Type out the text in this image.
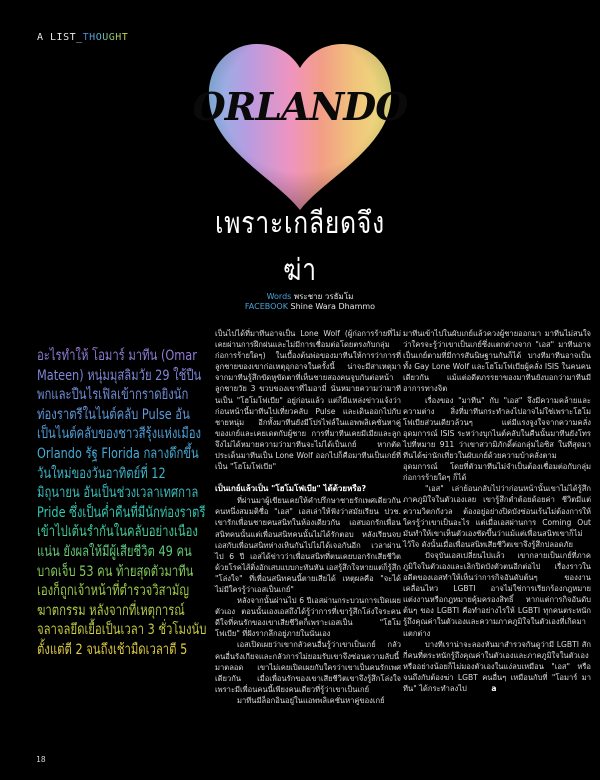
A LIST_THOUGHT
ORLANDO
เพราะเกลียดจึงฆ่า
Words พระชาย วรธัมโม
FACEBOOK Shine Wara Dhammo
อะไรทำให้ โอมาร์ มาทีน (Omar Mateen) หนุ่มมุสลิมวัย 29 ใช้ปืนพกและปืนไรเฟิลเข้ากราดยิงนักท่องราตรีในไนต์คลับ Pulse อันเป็นไนต์คลับของชาวสีรุ้งแห่งเมือง Orlando รัฐ Florida กลางดึกขึ้นวันใหม่ของวันอาทิตย์ที่ 12 มิถุนายน อันเป็นช่วงเวลาเทศกาล Pride ซึ่งเป็นค่ำคืนที่มีนักท่องราตรีเข้าไปเต้นรำกันในคลับอย่างเนืองแน่น ยังผลให้มีผู้เสียชีวิต 49 คน บาดเจ็บ 53 คน ท้ายสุดตัวมาทีนเองก็ถูกเจ้าหน้าที่ตำรวจวิสามัญฆาตกรรม หลังจากที่เหตุการณ์จลาจลยึดเยื้อเป็นเวลา 3 ชั่วโมงนับตั้งแต่ตี 2 จนถึงเช้ามืดเวลาตี 5

เป็นไปได้ที่มาทีนอาจเป็น Lone Wolf (ผู้ก่อการร้ายที่ไม่เคยผ่านการฝึกฝนและไม่มีการเชื่อมต่อโดยตรงกับกลุ่มก่อการร้ายใดๆ) ในเบื้องต้นพ่อของมาทีนให้การว่าการที่ลูกชายของเขาก่อเหตุอุกอาจในครั้งนี้ น่าจะมีสาเหตุมาจากมาทีนรู้สึกขัดหูขัดตาที่เห็นชายสองคนจูบกันต่อหน้าลูกชายวัย 3 ขวบของเขาที่ไมอามี่ นั่นหมายความว่ามาทีนเป็น "โฮโมโฟเบีย" อยู่ก่อนแล้ว แต่ก็มีแหล่งข่าวแจ้งว่าก่อนหน้านี้มาทีนไปเที่ยวคลับ Pulse และเดินออกไปกับชายหนุ่ม อีกทั้งมาทีนยังมีโปรไฟล์ในแอพพลิเคชั่นหาคู่ของเกย์และเคยเดตกับผู้ชาย การที่มาทีนเคยมีเมียและลูกจึงไม่ได้หมายความว่ามาทีนจะไม่ได้เป็นเกย์ หากตัดประเด็นมาทีนเป็น Lone Wolf ออกไปก็คือมาทีนเป็นเกย์ที่เป็น "โฮโมโฟเบีย"

เป็นเกย์แล้วเป็น "โฮโมโฟเบีย" ได้ด้วยหรือ?

ที่ผ่านมาผู้เขียนเคยให้คำปรึกษาชายรักเพศเดียวกันคนหนึ่งสมมติชื่อ "เอส" เอสเล่าให้ฟังว่าสมัยเรียน ปวช. เขารักเพื่อนชายคนสนิทในห้องเดียวกัน เอสบอกรักเพื่อนสนิทคนนั้นแต่เพื่อนสนิทคนนั้นไม่ได้รักตอบ หลังเรียนจบเอสกับเพื่อนสนิทห่างเหินกันไปไม่ได้เจอกันอีก เวลาผ่านไป 6 ปี เอสได้ข่าวว่าเพื่อนสนิทที่ตนเคยบอกรักเสียชีวิตด้วยโรคไส้ติ่งอักเสบแบบกะทันหัน เอสรู้สึกใจหายแต่ก็รู้สึก "โล่งใจ" ที่เพื่อนสนิทคนนี้ตายเสียได้ เหตุผลคือ "จะได้ไม่มีใครรู้ว่าเอสเป็นเกย์"

หลังจากนั้นผ่านไป 6 ปีเอสผ่านกระบวนการเปิดเผยตัวเอง ตอนนั้นเองเอสถึงได้รู้ว่าการที่เขารู้สึกโล่งใจระคนดีใจที่คนรักของเขาเสียชีวิตก็เพราะเอสเป็น "โฮโมโฟเบีย" ที่ฝังรากลึกอยู่ภายในนั่นเอง

เอสเปิดเผยว่าเขากลัวคนอื่นรู้ว่าเขาเป็นเกย์ กลัวคนอื่นรังเกียจและกลัวการไม่ยอมรับเขาจึงซ่อนความลับนี้มาตลอด เขาไม่เคยเปิดเผยกับใครว่าเขาเป็นคนรักเพศเดียวกัน เมื่อเพื่อนรักของเขาเสียชีวิตเขาจึงรู้สึกโล่งใจเพราะมีเพื่อนคนนี้เพียงคนเดียวที่รู้ว่าเขาเป็นเกย์

มาทีนมีล็อกอินอยู่ในแอพพลิเคชั่นหาคู่ของเกย์

มาทีนเข้าไปในผับเกย์แล้วควงผู้ชายออกมา มาทีนไม่สนใจว่าใครจะรู้ว่าเขาเป็นเกย์ซึ่งแตกต่างจาก "เอส" มาทีนอาจเป็นเกย์ตามที่มีการสันนิษฐานกันก็ได้ บางทีมาทีนอาจเป็นทั้ง Gay Lone Wolf และโฮโมโฟเบียผู้คลั่ง ISIS ในคนคนเดียวกัน แม้แต่อดีตภรรยาของมาทีนยังบอกว่ามาทีนมีอาการทางจิต

เรื่องของ "มาทีน" กับ "เอส" จึงมีความคล้ายและความต่าง สิ่งที่มาทีนกระทำลงไปอาจไม่ใช่เพราะโฮโมโฟเบียส่วนเดียวล้วนๆ แต่มีแรงจูงใจจากความคลั่งอุดมการณ์ ISIS ระหว่างบุกไนต์คลับในคืนนั้นมาทีนยังโทรไปที่หมาย 911 ว่าเขาสวามิภักดิ์ต่อกลุ่มไอซิส ในที่สุดมาทีนได้ฆ่านักเที่ยวในผับเกย์ด้วยความบ้าคลั่งตามอุดมการณ์ โดยที่ตัวมาทีนไม่จำเป็นต้องเชื่อมต่อกับกลุ่มก่อการร้ายใดๆ ก็ได้

"เอส" เล่าย้อนกลับไปว่าก่อนหน้านั้นเขาไม่ได้รู้สึกภาคภูมิใจในตัวเองเลย เขารู้สึกต่ำต้อยด้อยค่า ชีวิตมีแต่ความวิตกกังวล ต้องอยู่อย่างปิดบังซ่อนเร้นไม่ต้องการให้ใครรู้ว่าเขาเป็นอะไร แต่เมื่อเอสผ่านการ Coming Out มันทำให้เขาเห็นตัวเองชัดขึ้นว่าแม้แต่เพื่อนสนิทเขาก็ไม่ไว้ใจ ดังนั้นเมื่อเพื่อนสนิทเสียชีวิตเขาจึงรู้สึกปลอดภัย

ปัจจุบันเอสเปลี่ยนไปแล้ว เขากลายเป็นเกย์ที่ภาคภูมิใจในตัวเองและเลิกปิดบังตัวตนอีกต่อไป เรื่องราวในอดีตของเอสทำให้เห็นว่าการกิจอันดับต้นๆ ของงานเคลื่อนไหว LGBTI อาจไม่ใช่การเรียกร้องกฎหมายแต่งงานหรือกฎหมายคุ้มครองสิทธิ์ หากแต่การกิจอันดับต้นๆ ของ LGBTI คือทำอย่างไรให้ LGBTI ทุกคนตระหนักรู้ถึงคุณค่าในตัวเองและความภาคภูมิใจในตัวเองที่เกิดมาแตกต่าง

บางทีเราน่าจะลองหันมาสำรวจกันดูว่ามี LGBTI สักกี่คนที่ตระหนักรู้ถึงคุณค่าในตัวเองและภาคภูมิใจในตัวเอง หรืออย่างน้อยก็ไม่มองตัวเองในแง่ลบเหมือน "เอส" หรือจนถึงกับต้องฆ่า LGBT คนอื่นๆ เหมือนกับที่ "โอมาร์ มาทีน" ได้กระทำลงไป	a

18
